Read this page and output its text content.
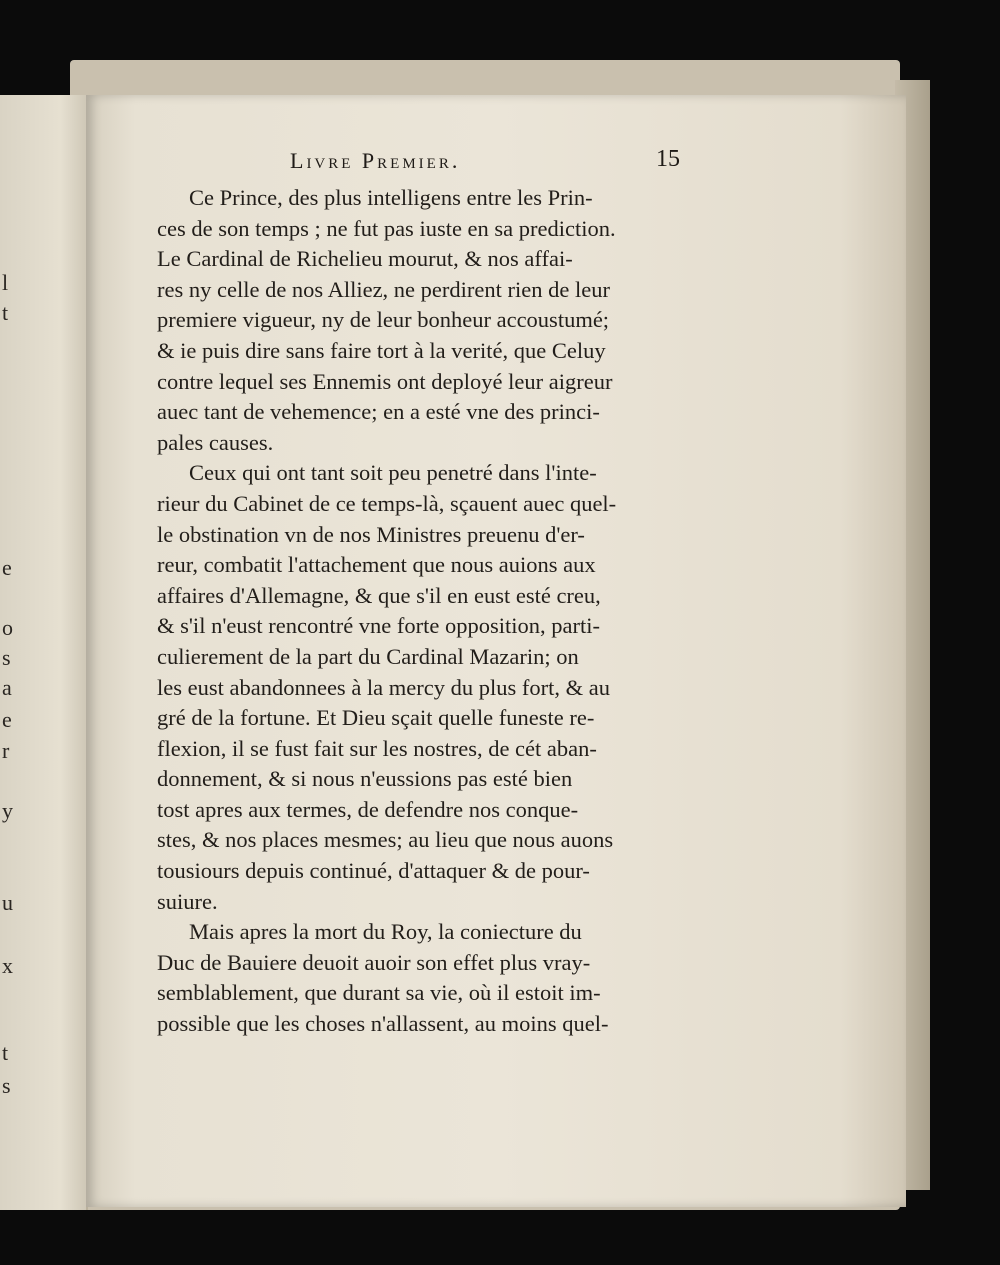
l
t
e
o
s
a
e
r
y
u
x
t
s
Livre Premier.	15

Ce Prince, des plus intelligens entre les Prin-
ces de son temps ; ne fut pas iuste en sa prediction.
Le Cardinal de Richelieu mourut, & nos affai-
res ny celle de nos Alliez, ne perdirent rien de leur
premiere vigueur, ny de leur bonheur accoustumé;
& ie puis dire sans faire tort à la verité, que Celuy
contre lequel ses Ennemis ont deployé leur aigreur
auec tant de vehemence; en a esté vne des princi-
pales causes.

Ceux qui ont tant soit peu penetré dans l'inte-
rieur du Cabinet de ce temps-là, sçauent auec quel-
le obstination vn de nos Ministres preuenu d'er-
reur, combatit l'attachement que nous auions aux
affaires d'Allemagne, & que s'il en eust esté creu,
& s'il n'eust rencontré vne forte opposition, parti-
culierement de la part du Cardinal Mazarin; on
les eust abandonnees à la mercy du plus fort, & au
gré de la fortune. Et Dieu sçait quelle funeste re-
flexion, il se fust fait sur les nostres, de cét aban-
donnement, & si nous n'eussions pas esté bien
tost apres aux termes, de defendre nos conque-
stes, & nos places mesmes; au lieu que nous auons
tousiours depuis continué, d'attaquer & de pour-
suiure.

Mais apres la mort du Roy, la coniecture du
Duc de Bauiere deuoit auoir son effet plus vray-
semblablement, que durant sa vie, où il estoit im-
possible que les choses n'allassent, au moins quel-
